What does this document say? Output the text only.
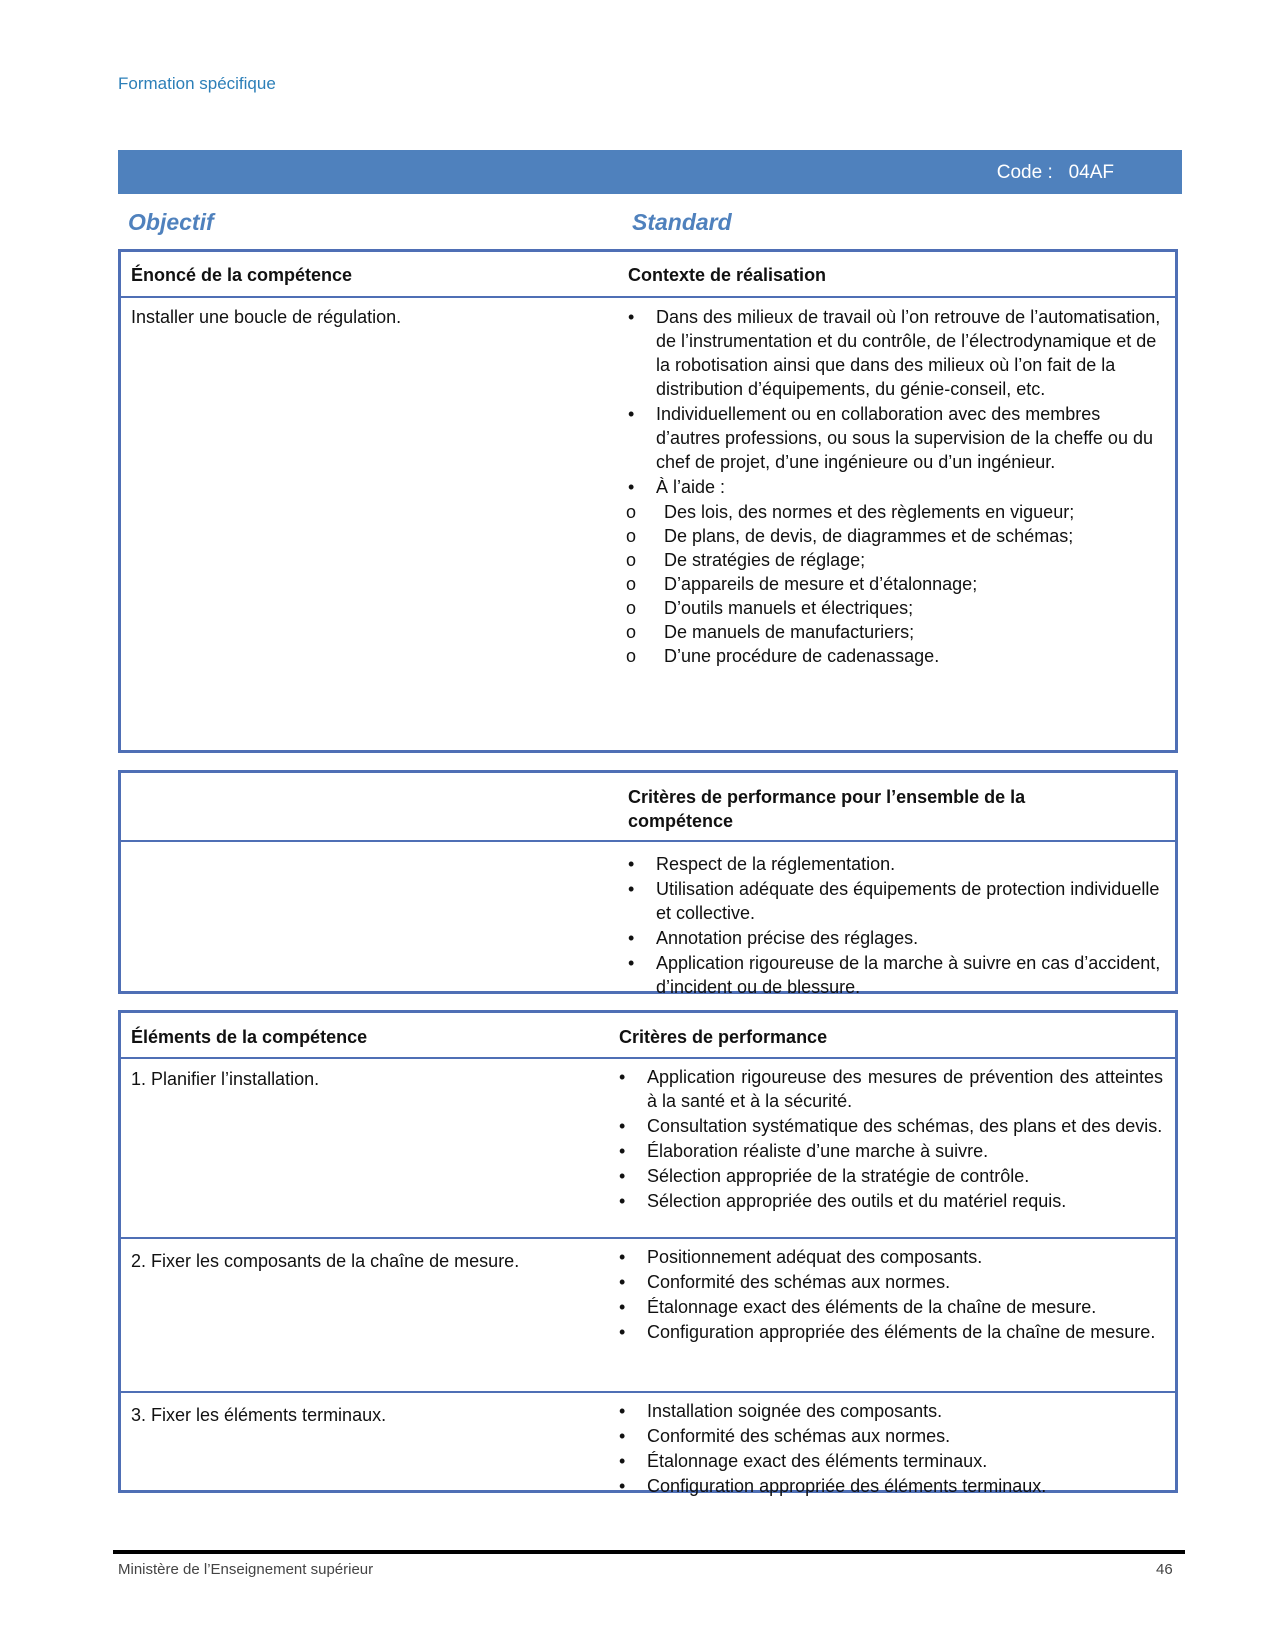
Formation spécifique
Code :   04AF
Objectif	Standard
Énoncé de la compétence	Contexte de réalisation
Installer une boucle de régulation.	• Dans des milieux de travail où l’on retrouve de l’automatisation, de l’instrumentation et du contrôle, de l’électrodynamique et de la robotisation ainsi que dans des milieux où l’on fait de la distribution d’équipements, du génie-conseil, etc.
• Individuellement ou en collaboration avec des membres d’autres professions, ou sous la supervision de la cheffe ou du chef de projet, d’une ingénieure ou d’un ingénieur.
• À l’aide :
o Des lois, des normes et des règlements en vigueur;
o De plans, de devis, de diagrammes et de schémas;
o De stratégies de réglage;
o D’appareils de mesure et d’étalonnage;
o D’outils manuels et électriques;
o De manuels de manufacturiers;
o D’une procédure de cadenassage.
Critères de performance pour l’ensemble de la compétence
• Respect de la réglementation.
• Utilisation adéquate des équipements de protection individuelle et collective.
• Annotation précise des réglages.
• Application rigoureuse de la marche à suivre en cas d’accident, d’incident ou de blessure.
Éléments de la compétence	Critères de performance
1. Planifier l’installation.	• Application rigoureuse des mesures de prévention des atteintes à la santé et à la sécurité.
• Consultation systématique des schémas, des plans et des devis.
• Élaboration réaliste d’une marche à suivre.
• Sélection appropriée de la stratégie de contrôle.
• Sélection appropriée des outils et du matériel requis.
2. Fixer les composants de la chaîne de mesure.	• Positionnement adéquat des composants.
• Conformité des schémas aux normes.
• Étalonnage exact des éléments de la chaîne de mesure.
• Configuration appropriée des éléments de la chaîne de mesure.
3. Fixer les éléments terminaux.	• Installation soignée des composants.
• Conformité des schémas aux normes.
• Étalonnage exact des éléments terminaux.
• Configuration appropriée des éléments terminaux.
Ministère de l’Enseignement supérieur	46
